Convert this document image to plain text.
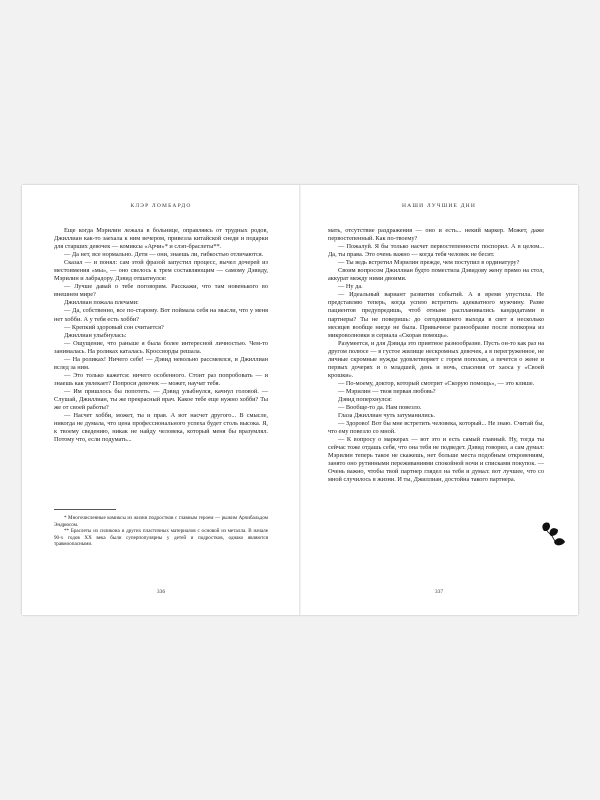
КЛЭР ЛОМБАРДО

Еще когда Мэрилин лежала в больнице, оправляясь от трудных родов, Джиллиан как-то заехала к ним вечером, привезла китайской снеди и подарки для старших девочек — комиксы «Арчи»* и слэп-браслеты**.

— Да нет, все нормально. Дети — они, знаешь ли, гибкостью отличаются.

Сказал — и понял: сам этой фразой запустил процесс, вычел дочерей из местоимения «мы», — оно свелось к трем составляющим — самому Дэвиду, Мэрилин и лабрадору. Дэвид отшатнулся:

— Лучше давай о тебе поговорим. Расскажи, что там новенького во внешнем мире?

Джиллиан пожала плечами:

— Да, собственно, все по-старому. Вот поймала себя на мысли, что у меня нет хобби. А у тебя есть хобби?

— Крепкий здоровый сон считается?

Джиллиан улыбнулась:

— Ощущение, что раньше я была более интересной личностью. Чем-то занималась. На роликах каталась. Кроссворды решала.

— На роликах! Ничего себе! — Дэвид невольно рассмеялся, и Джиллиан вслед за ним.

— Это только кажется: ничего особенного. Стоит раз попробовать — и знаешь как увлекает? Попроси девочек — может, научат тебя.

— Им пришлось бы попотеть. — Дэвид улыбнулся, качнул головой. — Слушай, Джиллиан, ты же прекрасный врач. Какое тебе еще нужно хобби? Ты же от своей работы?

— Насчет хобби, может, ты и прав. А вот насчет другого... В смысле, никогда не думала, что цена профессионального успеха будет столь высока. Я, к твоему сведению, никак не найду человека, который меня бы вразумлял. Потому что, если подумать...

* Многочисленные комиксы из жизни подростков с главным героем — рыжим Арчибальдом Эндрюсом.

** Браслеты из силикона и других пластичных материалов с основой из металла. В начале 90-х годов ХХ века были суперпопулярны у детей и подростков, однако являются травмоопасными.

336
НАШИ ЛУЧШИЕ ДНИ

мать, отсутствие раздражения — оно и есть... некий маркер. Может, даже первостепенный. Как по-твоему?

— Пожалуй. Я бы только насчет первостепенности поспорил. А в целом... Да, ты права. Это очень важно — когда тебя человек не бесит.

— Ты ведь встретил Мэрилин прежде, чем поступил в ординатуру?

Своим вопросом Джиллиан будто поместила Дэвидову жену прямо на стол, аккурат между ними двоими.

— Ну да.

— Идеальный вариант развития событий. А я время упустила. Не представляю теперь, когда успею встретить адекватного мужчину. Разве пациентов предупредишь, чтоб отныне распланивались кандидатами в партнеры? Ты не поверишь: до сегодняшнего выхода в свет я несколько месяцев вообще нигде не была. Привычное разнообразие после попкорна из микроволновки и сериала «Скорая помощь».

Разумеется, и для Дэвида это приятное разнообразие. Пусть он-то как раз на другом полюсе — в густое жилище нескромных девочек, а в перегруженное, не личные скромные нужды удовлетворяет с горем пополам, а печется о жене и первых дочерях и о младшей, день и ночь, спасения от хаоса у «Своей крошки».

— По-моему, доктор, который смотрит «Скорую помощь», — это клише.

— Мэрилин — твоя первая любовь?

Дэвид поперхнулся:

— Вообще-то да. Нам повезло.

Глаза Джиллиан чуть затуманились.

— Здорово! Вот бы мне встретить человека, который... Не знаю. Считай бы, что ему повезло со мной.

— К вопросу о маркерах — вот это и есть самый главный. Ну, тогда ты сейчас тоже отдашь себя, что она тебя не подведет. Дэвид говорил, а сам думал: Мэрилин теперь такое не скажешь, нет больше места подобным откровениям, занято оно рутинными переживаниями спокойной ночи и списками покупок. — Очень важно, чтобы твой партнер глядел на тебя и думал: вот лучшее, что со мной случилось в жизни. И ты, Джиллиан, достойна такого партнера.

337
